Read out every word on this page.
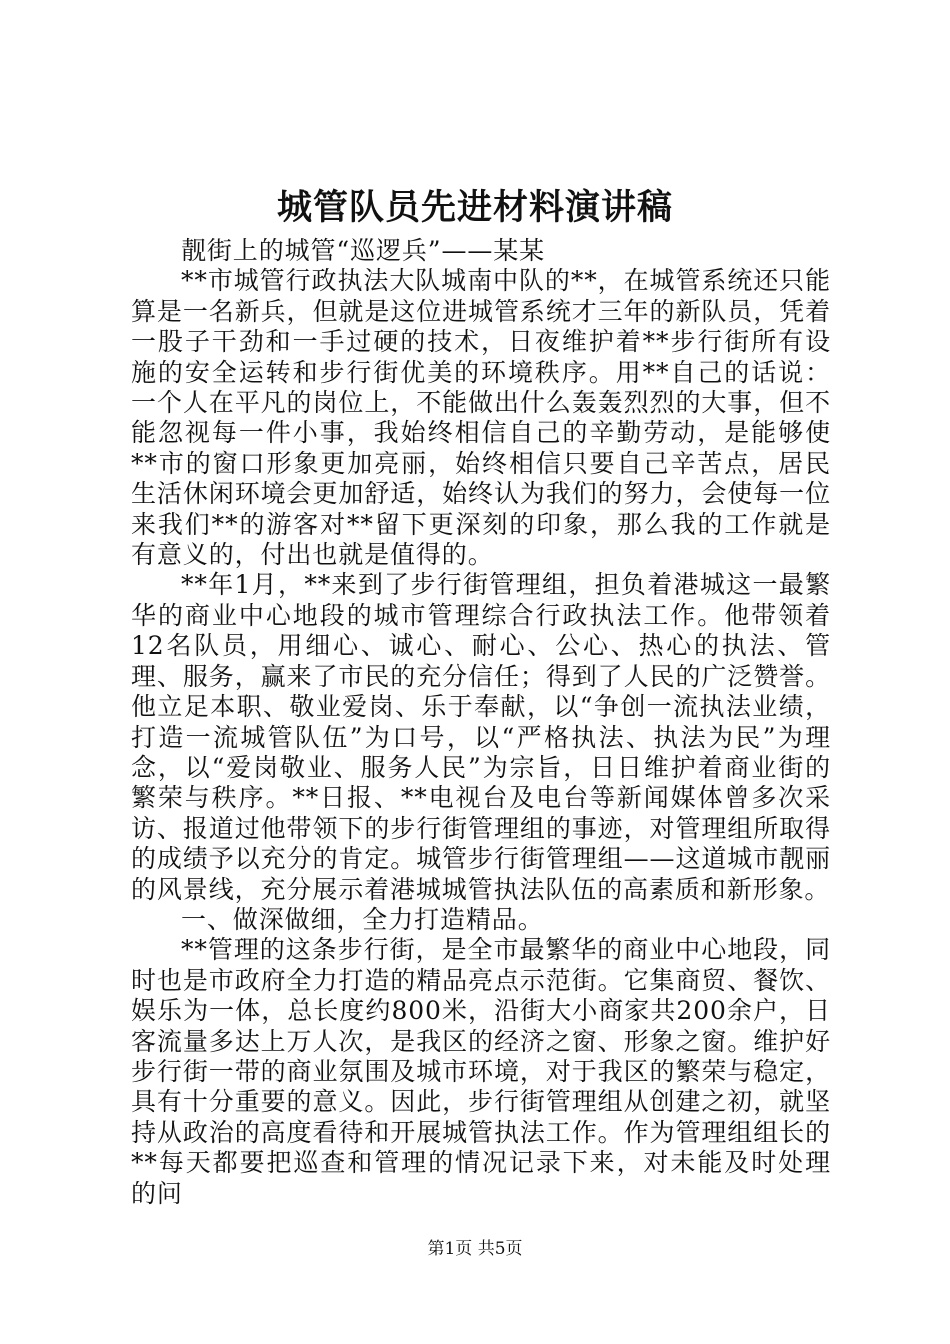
城管队员先进材料演讲稿

靓街上的城管“巡逻兵”——某某

**市城管行政执法大队城南中队的**，在城管系统还只能算是一名新兵，但就是这位进城管系统才三年的新队员，凭着一股子干劲和一手过硬的技术，日夜维护着**步行街所有设施的安全运转和步行街优美的环境秩序。用**自己的话说：一个人在平凡的岗位上，不能做出什么轰轰烈烈的大事，但不能忽视每一件小事，我始终相信自己的辛勤劳动，是能够使**市的窗口形象更加亮丽，始终相信只要自己辛苦点，居民生活休闲环境会更加舒适，始终认为我们的努力，会使每一位来我们**的游客对**留下更深刻的印象，那么我的工作就是有意义的，付出也就是值得的。

**年1月，**来到了步行街管理组，担负着港城这一最繁华的商业中心地段的城市管理综合行政执法工作。他带领着12名队员，用细心、诚心、耐心、公心、热心的执法、管理、服务，赢来了市民的充分信任；得到了人民的广泛赞誉。他立足本职、敬业爱岗、乐于奉献，以“争创一流执法业绩，打造一流城管队伍”为口号，以“严格执法、执法为民”为理念，以“爱岗敬业、服务人民”为宗旨，日日维护着商业街的繁荣与秩序。**日报、**电视台及电台等新闻媒体曾多次采访、报道过他带领下的步行街管理组的事迹，对管理组所取得的成绩予以充分的肯定。城管步行街管理组——这道城市靓丽的风景线，充分展示着港城城管执法队伍的高素质和新形象。

一、做深做细，全力打造精品。

**管理的这条步行街，是全市最繁华的商业中心地段，同时也是市政府全力打造的精品亮点示范街。它集商贸、餐饮、娱乐为一体，总长度约800米，沿街大小商家共200余户，日客流量多达上万人次，是我区的经济之窗、形象之窗。维护好步行街一带的商业氛围及城市环境，对于我区的繁荣与稳定，具有十分重要的意义。因此，步行街管理组从创建之初，就坚持从政治的高度看待和开展城管执法工作。作为管理组组长的**每天都要把巡查和管理的情况记录下来，对未能及时处理的问

第1页 共5页
